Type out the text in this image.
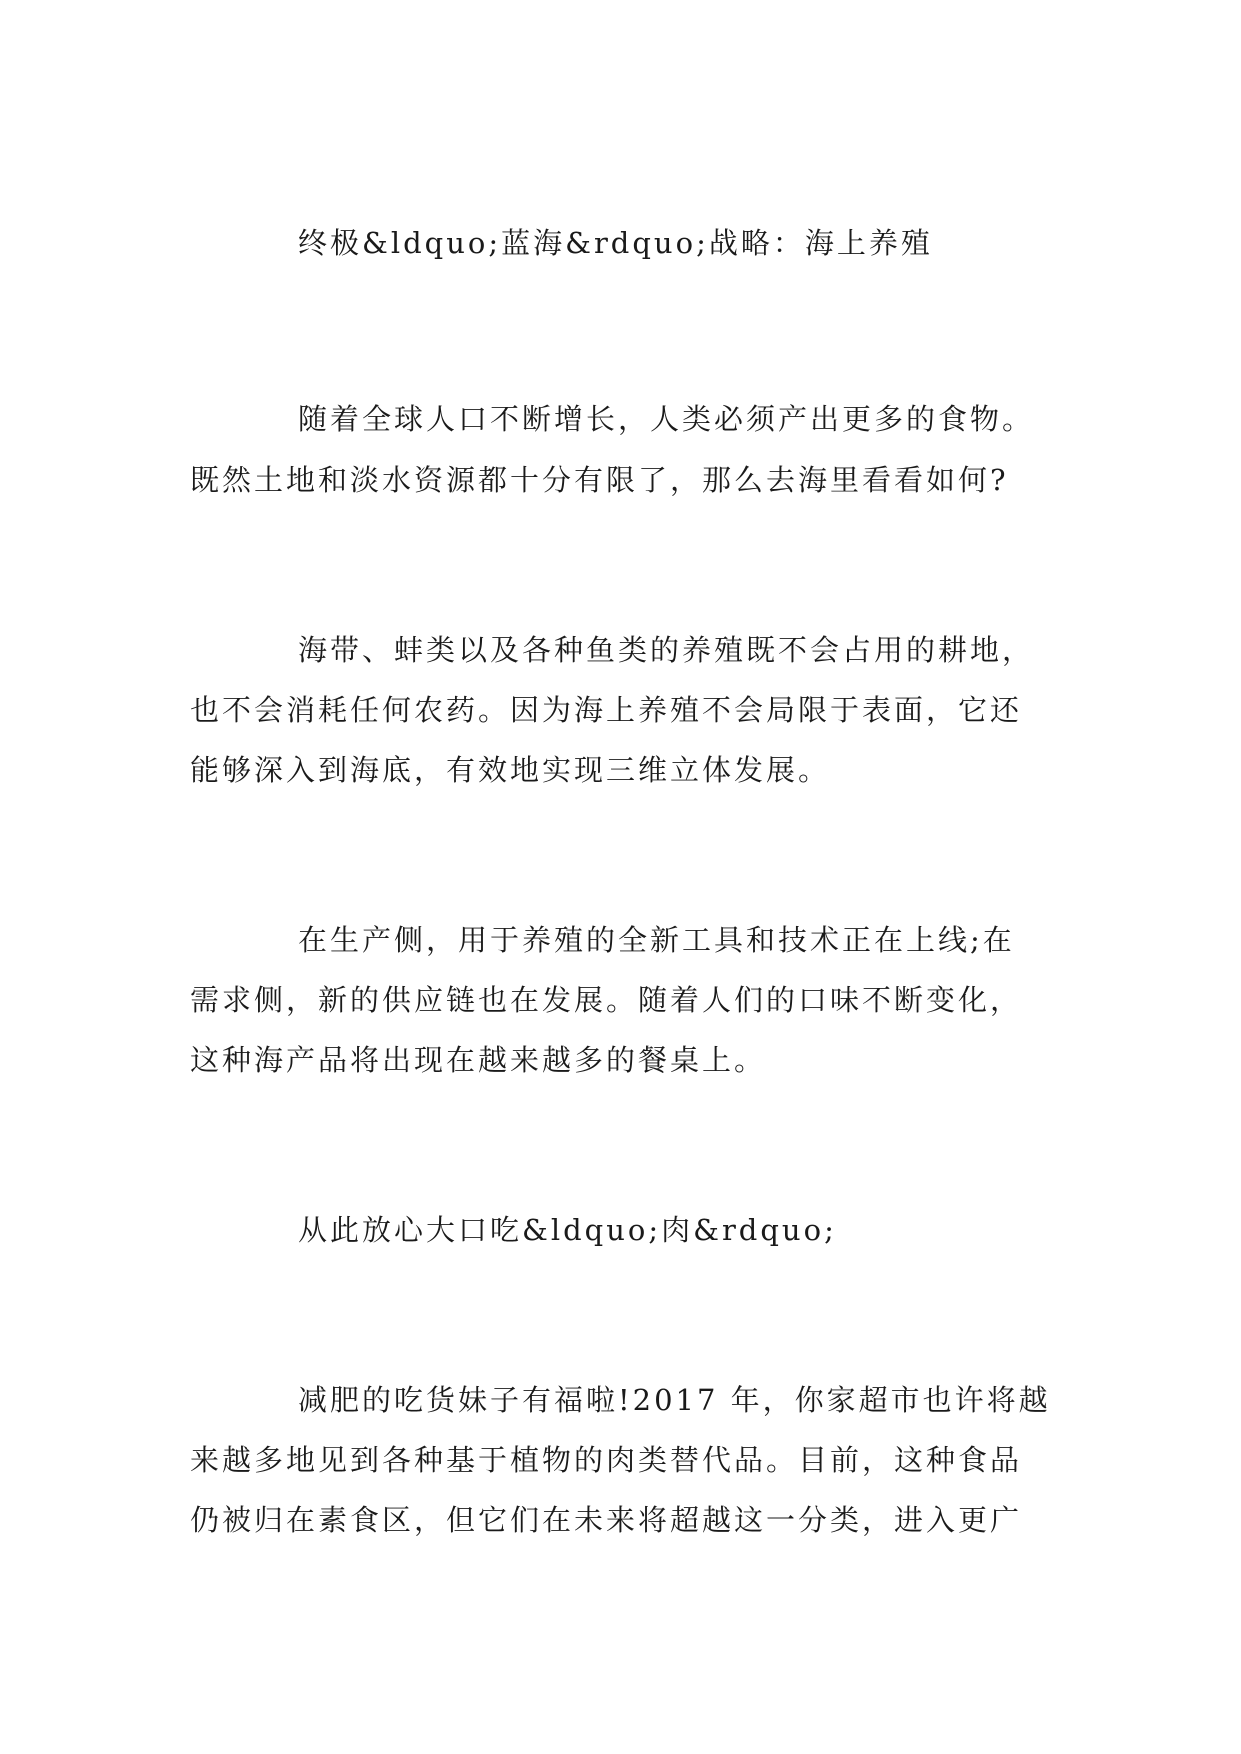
终极&ldquo;蓝海&rdquo;战略：海上养殖
随着全球人口不断增长，人类必须产出更多的食物。
既然土地和淡水资源都十分有限了，那么去海里看看如何?
海带、蚌类以及各种鱼类的养殖既不会占用的耕地，
也不会消耗任何农药。因为海上养殖不会局限于表面，它还
能够深入到海底，有效地实现三维立体发展。
在生产侧，用于养殖的全新工具和技术正在上线;在
需求侧，新的供应链也在发展。随着人们的口味不断变化，
这种海产品将出现在越来越多的餐桌上。
从此放心大口吃&ldquo;肉&rdquo;
减肥的吃货妹子有福啦!2017 年，你家超市也许将越
来越多地见到各种基于植物的肉类替代品。目前，这种食品
仍被归在素食区，但它们在未来将超越这一分类，进入更广
